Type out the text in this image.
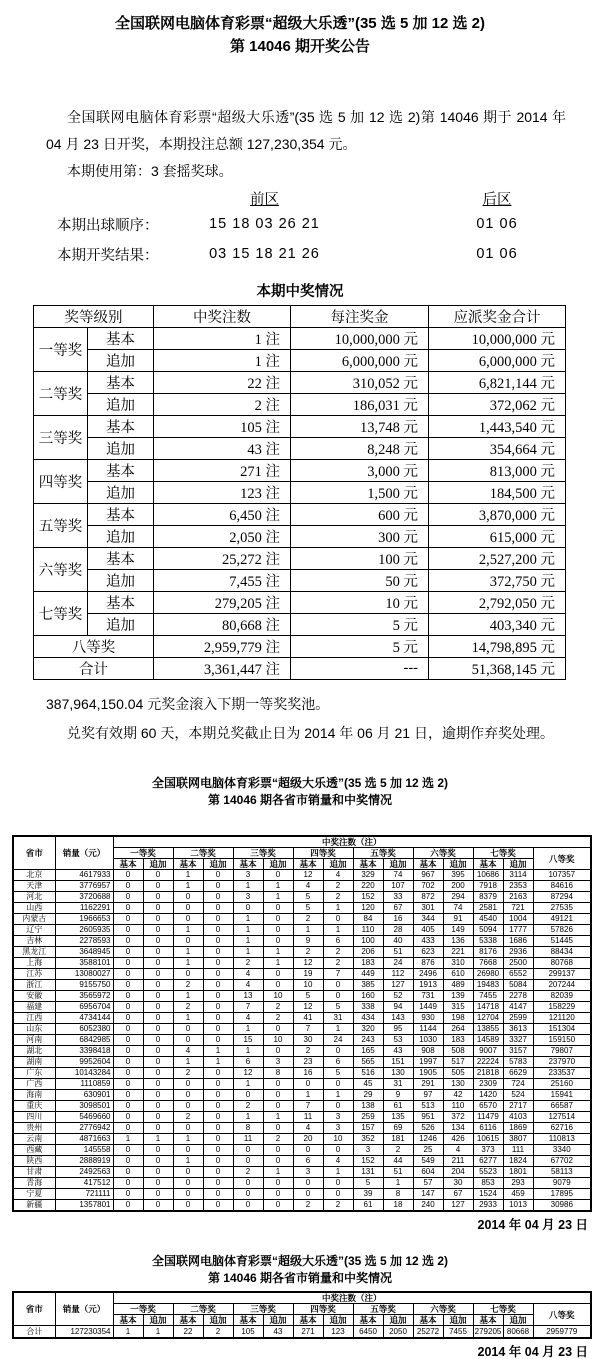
全国联网电脑体育彩票“超级大乐透”(35 选 5 加 12 选 2)
第 14046 期开奖公告
全国联网电脑体育彩票“超级大乐透”(35 选 5 加 12 选 2)第 14046 期于 2014 年 04 月 23 日开奖，本期投注总额 127,230,354 元。
本期使用第：3 套摇奖球。
前区	后区
本期出球顺序：	15 18 03 26 21	01 06
本期开奖结果：	03 15 18 21 26	01 06
本期中奖情况
奖等级别		中奖注数	每注奖金	应派奖金合计
一等奖	基本	1 注	10,000,000 元	10,000,000 元
	追加	1 注	6,000,000 元	6,000,000 元
二等奖	基本	22 注	310,052 元	6,821,144 元
	追加	2 注	186,031 元	372,062 元
三等奖	基本	105 注	13,748 元	1,443,540 元
	追加	43 注	8,248 元	354,664 元
四等奖	基本	271 注	3,000 元	813,000 元
	追加	123 注	1,500 元	184,500 元
五等奖	基本	6,450 注	600 元	3,870,000 元
	追加	2,050 注	300 元	615,000 元
六等奖	基本	25,272 注	100 元	2,527,200 元
	追加	7,455 注	50 元	372,750 元
七等奖	基本	279,205 注	10 元	2,792,050 元
	追加	80,668 注	5 元	403,340 元
八等奖		2,959,779 注	5 元	14,798,895 元
合计		3,361,447 注	---	51,368,145 元
387,964,150.04 元奖金滚入下期一等奖奖池。
兑奖有效期 60 天，本期兑奖截止日为 2014 年 06 月 21 日，逾期作弃奖处理。
全国联网电脑体育彩票“超级大乐透”(35 选 5 加 12 选 2)
第 14046 期各省市销量和中奖情况
省市	销量（元）	中奖注数（注）														
		一等奖		二等奖		三等奖		四等奖		五等奖		六等奖		七等奖		八等奖
		基本	追加	基本	追加	基本	追加	基本	追加	基本	追加	基本	追加	基本	追加	
北京	4617933	0	0	1	0	3	0	12	4	329	74	967	395	10686	3114	107357
天津	3776957	0	0	1	0	1	1	4	2	220	107	702	200	7918	2353	84616
河北	3720688	0	0	0	0	3	1	5	2	152	33	872	294	8379	2163	87294
山西	1162291	0	0	0	0	0	0	5	1	120	67	301	74	2581	721	27535
内蒙古	1966653	0	0	0	0	1	0	2	0	84	16	344	91	4540	1004	49121
辽宁	2605935	0	0	1	0	1	0	1	1	110	28	405	149	5094	1777	57826
吉林	2278593	0	0	0	0	1	0	9	6	100	40	433	136	5338	1686	51445
黑龙江	3648945	0	0	1	0	1	1	2	2	206	51	623	221	8176	2936	88434
上海	3588101	0	0	1	0	2	1	12	2	183	24	876	310	7668	2500	80768
江苏	13080027	0	0	0	0	4	0	19	7	449	112	2496	610	26980	6552	299137
浙江	9155750	0	0	2	0	4	0	10	0	385	127	1913	489	19483	5084	207244
安徽	3565972	0	0	1	0	13	10	5	0	160	52	731	139	7455	2278	82039
福建	6956704	0	0	2	0	7	2	12	5	338	94	1449	315	14718	4147	158229
江西	4734144	0	0	1	0	4	2	41	31	434	143	930	198	12704	2599	121120
山东	6052380	0	0	0	0	1	0	7	1	320	95	1144	264	13855	3613	151304
河南	6842985	0	0	0	0	15	10	30	24	243	53	1030	183	14589	3327	159150
湖北	3398418	0	0	4	1	1	0	2	0	165	43	908	508	9007	3157	79807
湖南	9952604	0	0	1	1	6	3	23	6	565	151	1997	517	22224	5783	237970
广东	10143284	0	0	2	0	12	8	16	5	516	130	1905	505	21818	6629	233537
广西	1110859	0	0	0	0	1	0	0	0	45	31	291	130	2309	724	25160
海南	630901	0	0	0	0	0	0	1	1	29	9	97	42	1420	524	15941
重庆	3098501	0	0	0	0	2	0	7	0	138	61	513	110	6570	2717	66587
四川	5469660	0	0	2	0	1	1	11	3	259	135	951	372	11479	4103	127514
贵州	2776942	0	0	0	0	8	0	4	3	157	69	526	134	6116	1869	62716
云南	4871663	1	1	1	0	11	2	20	10	352	181	1246	426	10615	3807	110813
西藏	145558	0	0	0	0	0	0	0	0	3	2	25	4	373	111	3340
陕西	2888919	0	0	1	0	0	0	6	4	152	44	549	211	6277	1824	67702
甘肃	2492563	0	0	0	0	2	1	3	1	131	51	604	204	5523	1801	58113
青海	417512	0	0	0	0	0	0	0	0	5	1	57	30	853	293	9079
宁夏	721111	0	0	0	0	0	0	0	0	39	8	147	67	1524	459	17895
新疆	1357801	0	0	0	0	0	0	2	2	61	18	240	127	2933	1013	30986
2014 年 04 月 23 日
全国联网电脑体育彩票“超级大乐透”(35 选 5 加 12 选 2)
第 14046 期各省市销量和中奖情况
省市	销量（元）	中奖注数（注）														
		一等奖		二等奖		三等奖		四等奖		五等奖		六等奖		七等奖		八等奖
		基本	追加	基本	追加	基本	追加	基本	追加	基本	追加	基本	追加	基本	追加	
合计	127230354	1	1	22	2	105	43	271	123	6450	2050	25272	7455	279205	80668	2959779
2014 年 04 月 23 日
